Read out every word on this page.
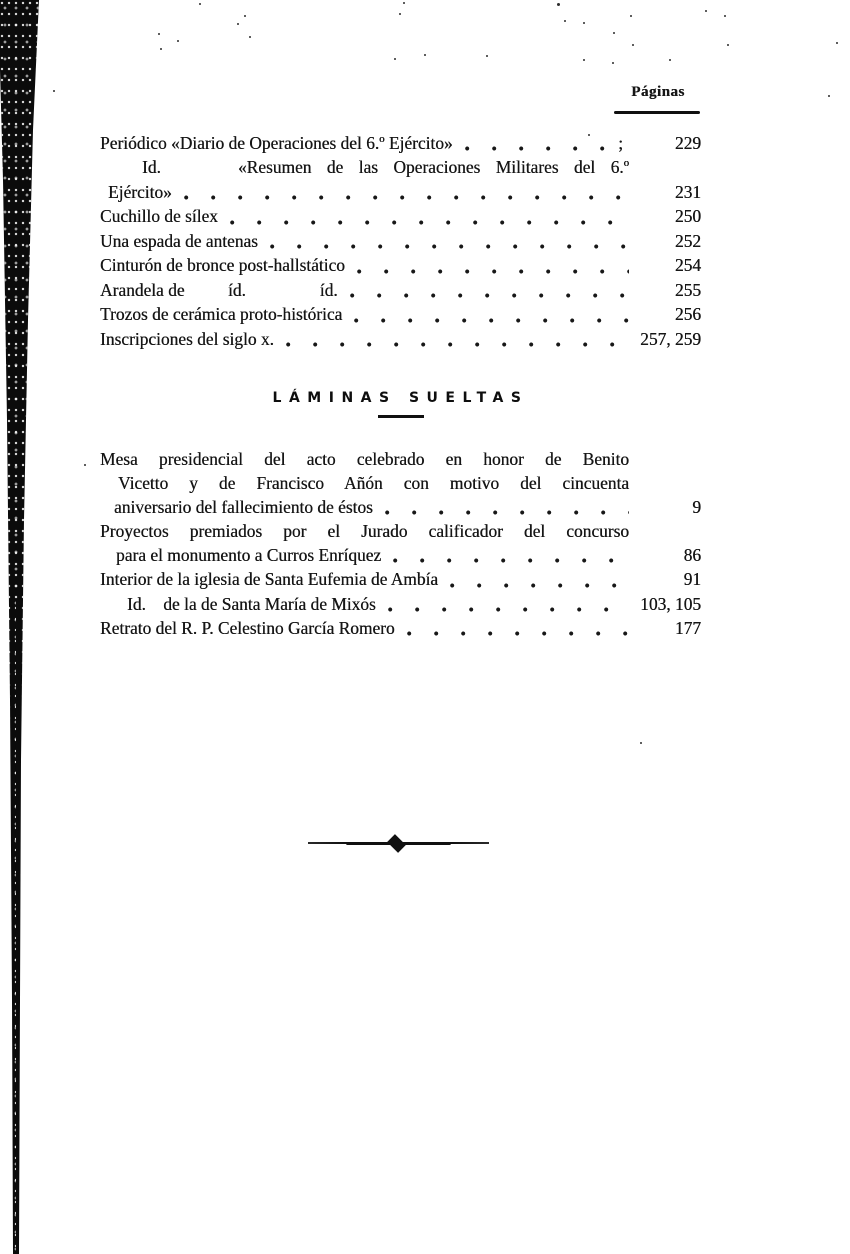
Páginas
Periódico «Diario de Operaciones del 6.º Ejército»	;	229
Id.     «Resumen de las Operaciones Militares del 6.º
Ejército»	231
Cuchillo de sílex	250
Una espada de antenas	252
Cinturón de bronce post-hallstático	254
Arandela de          íd.                 íd.	255
Trozos de cerámica proto-histórica	256
Inscripciones del siglo x.	257, 259
LÁMINAS SUELTAS
Mesa presidencial del acto celebrado en honor de Benito
Vicetto y de Francisco Añón con motivo del cincuenta
aniversario del fallecimiento de éstos	9
Proyectos premiados por el Jurado calificador del concurso
para el monumento a Curros Enríquez	86
Interior de la iglesia de Santa Eufemia de Ambía	91
Id.    de la de Santa María de Mixós	103, 105
Retrato del R. P. Celestino García Romero	177
